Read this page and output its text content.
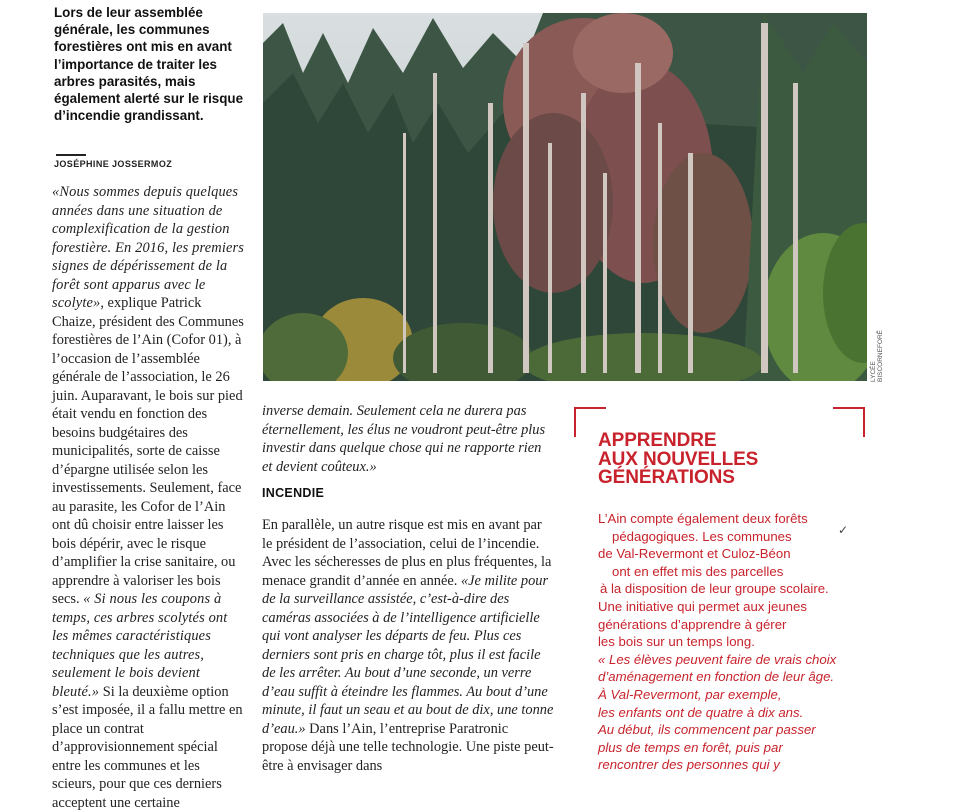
Lors de leur assemblée générale, les communes forestières ont mis en avant l’importance de traiter les arbres parasités, mais également alerté sur le risque d’incendie grandissant.
JOSÉPHINE JOSSERMOZ

«Nous sommes depuis quelques années dans une situation de complexification de la gestion forestière. En 2016, les premiers signes de dépérissement de la forêt sont apparus avec le scolyte», explique Patrick Chaize, président des Communes forestières de l’Ain (Cofor 01), à l’occasion de l’assemblée générale de l’association, le 26 juin. Auparavant, le bois sur pied était vendu en fonction des besoins budgétaires des municipalités, sorte de caisse d’épargne utilisée selon les investissements. Seulement, face au parasite, les Cofor de l’Ain ont dû choisir entre laisser les bois dépérir, avec le risque d’amplifier la crise sanitaire, ou apprendre à valoriser les bois secs. « Si nous les coupons à temps, ces arbres scolytés ont les mêmes caractéristiques techniques que les autres, seulement le bois devient bleuté.» Si la deuxième option s’est imposée, il a fallu mettre en place un contrat d’approvisionnement spécial entre les communes et les scieurs, pour que ces derniers acceptent une certaine

LYCÉE BISCORNEFORÊ

inverse demain. Seulement cela ne durera pas éternellement, les élus ne voudront peut-être plus investir dans quelque chose qui ne rapporte rien et devient coûteux.»

INCENDIE

En parallèle, un autre risque est mis en avant par le président de l’association, celui de l’incendie. Avec les sécheresses de plus en plus fréquentes, la menace grandit d’année en année. «Je milite pour de la surveillance assistée, c’est-à-dire des caméras associées à de l’intelligence artificielle qui vont analyser les départs de feu. Plus ces derniers sont pris en charge tôt, plus il est facile de les arrêter. Au bout d’une seconde, un verre d’eau suffit à éteindre les flammes. Au bout d’une minute, il faut un seau et au bout de dix, une tonne d’eau.» Dans l’Ain, l’entreprise Paratronic propose déjà une telle technologie. Une piste peut-être à envisager dans

APPRENDRE
AUX NOUVELLES
GÉNÉRATIONS

L’Ain compte également deux forêts

pédagogiques. Les communes

de Val-Revermont et Culoz-Béon

ont en effet mis des parcelles

à la disposition de leur groupe scolaire.

Une initiative qui permet aux jeunes

générations d’apprendre à gérer

les bois sur un temps long.

« Les élèves peuvent faire de vrais choix

d’aménagement en fonction de leur âge.

À Val-Revermont, par exemple,

les enfants ont de quatre à dix ans.

Au début, ils commencent par passer

plus de temps en forêt, puis par

rencontrer des personnes qui y

✓
